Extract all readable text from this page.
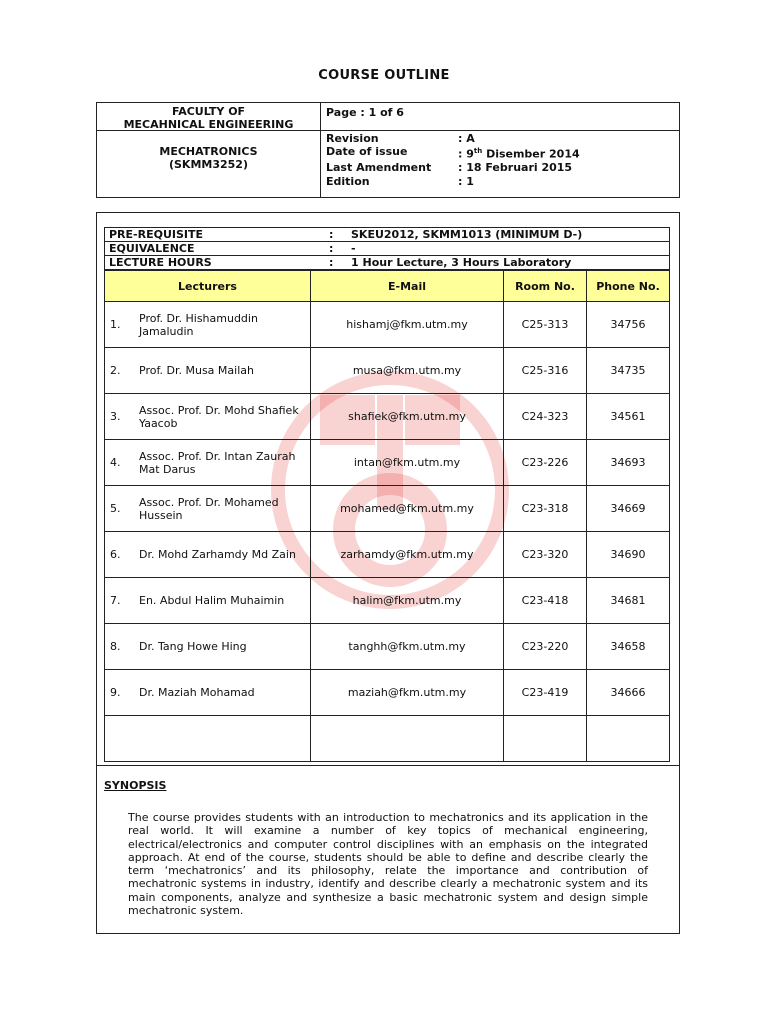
COURSE OUTLINE
FACULTY OF
MECAHNICAL ENGINEERING
MECHATRONICS
(SKMM3252)
Page : 1 of 6
Revision	: A
Date of issue	: 9th Disember 2014
Last Amendment	: 18 Februari 2015
Edition	: 1
PRE-REQUISITE	:	SKEU2012, SKMM1013 (MINIMUM D-)
EQUIVALENCE	:	-
LECTURE HOURS	:	1 Hour Lecture, 3 Hours Laboratory
Lecturers		E-Mail	Room No.	Phone No.
1.	Prof. Dr. Hishamuddin Jamaludin	hishamj@fkm.utm.my	C25-313	34756
2.	Prof. Dr. Musa Mailah	musa@fkm.utm.my	C25-316	34735
3.	Assoc. Prof. Dr. Mohd Shafiek Yaacob	shafiek@fkm.utm.my	C24-323	34561
4.	Assoc. Prof. Dr. Intan Zaurah Mat Darus	intan@fkm.utm.my	C23-226	34693
5.	Assoc. Prof. Dr. Mohamed Hussein	mohamed@fkm.utm.my	C23-318	34669
6.	Dr. Mohd Zarhamdy Md Zain	zarhamdy@fkm.utm.my	C23-320	34690
7.	En. Abdul Halim Muhaimin	halim@fkm.utm.my	C23-418	34681
8.	Dr. Tang Howe Hing	tanghh@fkm.utm.my	C23-220	34658
9.	Dr. Maziah Mohamad	maziah@fkm.utm.my	C23-419	34666

SYNOPSIS
The course provides students with an introduction to mechatronics and its application in the real world. It will examine a number of key topics of mechanical engineering, electrical/electronics and computer control disciplines with an emphasis on the integrated approach. At end of the course, students should be able to define and describe clearly the term ‘mechatronics’ and its philosophy, relate the importance and contribution of mechatronic systems in industry, identify and describe clearly a mechatronic system and its main components, analyze and synthesize a basic mechatronic system and design simple mechatronic system.
